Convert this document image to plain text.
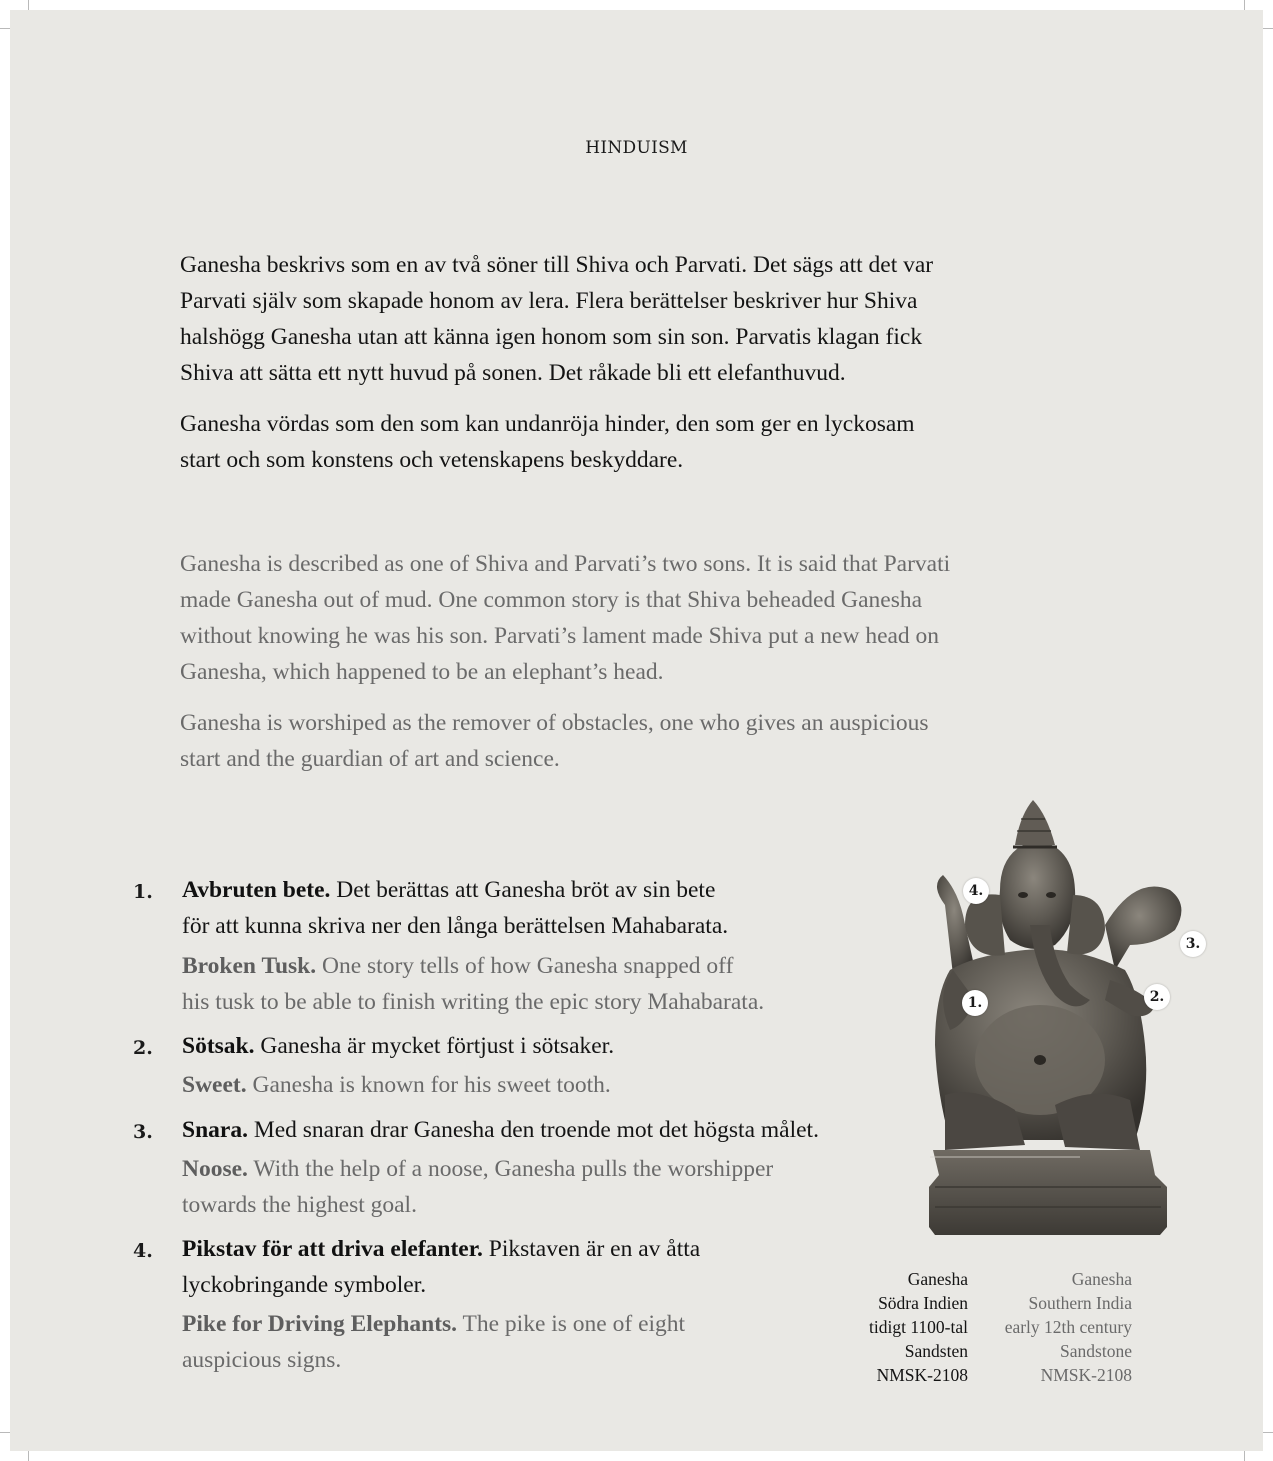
HINDUISM
Ganesha beskrivs som en av två söner till Shiva och Parvati. Det sägs att det var
Parvati själv som skapade honom av lera. Flera berättelser beskriver hur Shiva
halshögg Ganesha utan att känna igen honom som sin son. Parvatis klagan fick
Shiva att sätta ett nytt huvud på sonen. Det råkade bli ett elefanthuvud.
Ganesha vördas som den som kan undanröja hinder, den som ger en lyckosam
start och som konstens och vetenskapens beskyddare.
Ganesha is described as one of Shiva and Parvati’s two sons. It is said that Parvati
made Ganesha out of mud. One common story is that Shiva beheaded Ganesha
without knowing he was his son. Parvati’s lament made Shiva put a new head on
Ganesha, which happened to be an elephant’s head.
Ganesha is worshiped as the remover of obstacles, one who gives an auspicious
start and the guardian of art and science.
1. Avbruten bete. Det berättas att Ganesha bröt av sin bete
för att kunna skriva ner den långa berättelsen Mahabarata.
Broken Tusk. One story tells of how Ganesha snapped off
his tusk to be able to finish writing the epic story Mahabarata.
2. Sötsak. Ganesha är mycket förtjust i sötsaker.
Sweet. Ganesha is known for his sweet tooth.
3. Snara. Med snaran drar Ganesha den troende mot det högsta målet.
Noose. With the help of a noose, Ganesha pulls the worshipper
towards the highest goal.
4. Pikstav för att driva elefanter. Pikstaven är en av åtta
lyckobringande symboler.
Pike for Driving Elephants. The pike is one of eight
auspicious signs.
1.	2.
3.
4.
Ganesha
Södra Indien
tidigt 1100-tal
Sandsten
NMSK-2108
Ganesha
Southern India
early 12th century
Sandstone
NMSK-2108
